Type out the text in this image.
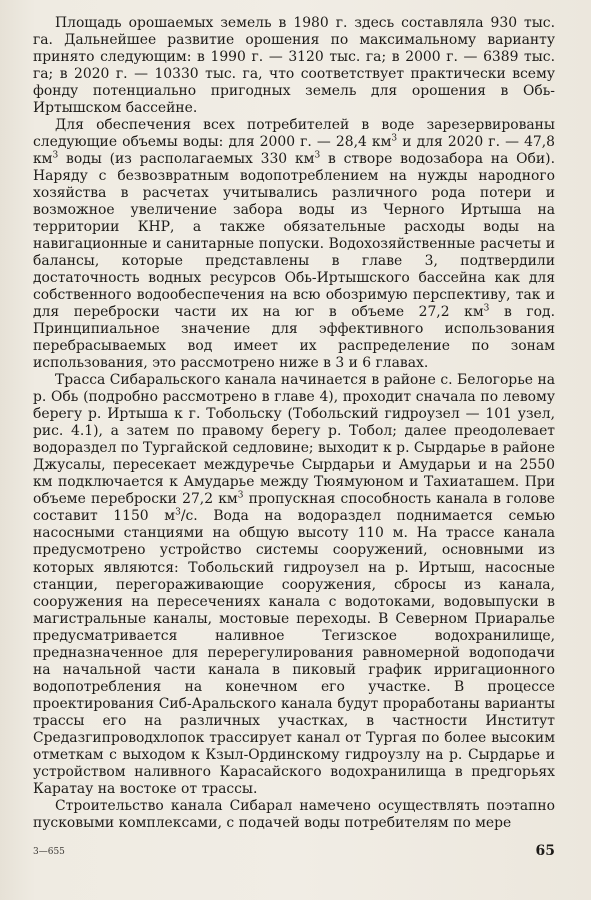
Площадь орошаемых земель в 1980 г. здесь составляла 930 тыс. га. Дальнейшее развитие орошения по максимальному варианту принято следующим: в 1990 г. — 3120 тыс. га; в 2000 г. — 6389 тыс. га; в 2020 г. — 10330 тыс. га, что соответствует практически всему фонду потенциально пригодных земель для орошения в Обь-Иртышском бассейне.

Для обеспечения всех потребителей в воде зарезервированы следующие объемы воды: для 2000 г. — 28,4 $км^3$ и для 2020 г. — 47,8 $км^3$ воды (из располагаемых 330 $км^3$ в створе водозабора на Оби). Наряду с безвозвратным водопотреблением на нужды народного хозяйства в расчетах учитывались различного рода потери и возможное увеличение забора воды из Черного Иртыша на территории КНР, а также обязательные расходы воды на навигационные и санитарные попуски. Водохозяйственные расчеты и балансы, которые представлены в главе 3, подтвердили достаточность водных ресурсов Обь-Иртышского бассейна как для собственного водообеспечения на всю обозримую перспективу, так и для переброски части их на юг в объеме 27,2 $км^3$ в год. Принципиальное значение для эффективного использования перебрасываемых вод имеет их распределение по зонам использования, это рассмотрено ниже в 3 и 6 главах.

Трасса Сибаральского канала начинается в районе с. Белогорье на р. Обь (подробно рассмотрено в главе 4), проходит сначала по левому берегу р. Иртыша к г. Тобольску (Тобольский гидроузел — 101 узел, рис. 4.1), а затем по правому берегу р. Тобол; далее преодолевает водораздел по Тургайской седловине; выходит к р. Сырдарье в районе Джусалы, пересекает междуречье Сырдарьи и Амударьи и на 2550 км подключается к Амударье между Тюямуюном и Тахиаташем. При объеме переброски 27,2 $км^3$ пропускная способность канала в голове составит 1150 $м^3/с$. Вода на водораздел поднимается семью насосными станциями на общую высоту 110 м. На трассе канала предусмотрено устройство системы сооружений, основными из которых являются: Тобольский гидроузел на р. Иртыш, насосные станции, перегораживающие сооружения, сбросы из канала, сооружения на пересечениях канала с водотоками, водовыпуски в магистральные каналы, мостовые переходы. В Северном Приаралье предусматривается наливное Тегизское водохранилище, предназначенное для перерегулирования равномерной водоподачи на начальной части канала в пиковый график ирригационного водопотребления на конечном его участке. В процессе проектирования Сиб-Аральского канала будут проработаны варианты трассы его на различных участках, в частности Институт Средазгипроводхлопок трассирует канал от Тургая по более высоким отметкам с выходом к Кзыл-Ординскому гидроузлу на р. Сырдарье и устройством наливного Карасайского водохранилища в предгорьях Каратау на востоке от трассы.

Строительство канала Сибарал намечено осуществлять поэтапно пусковыми комплексами, с подачей воды потребителям по мере

3—655	65
